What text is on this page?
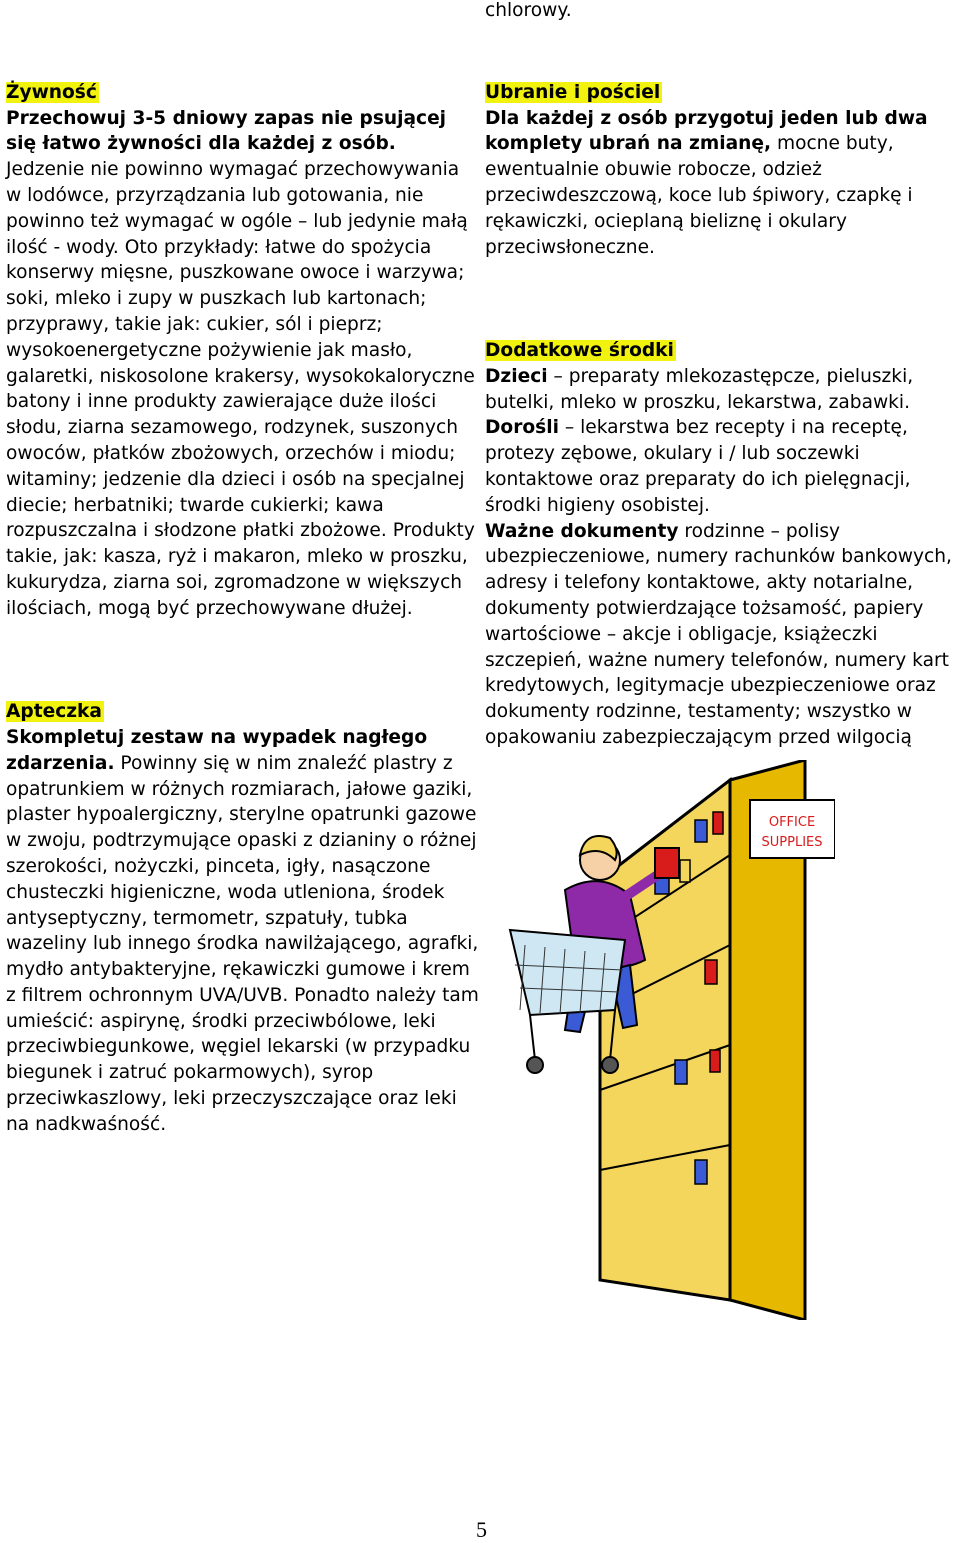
chlorowy.

Żywność
Przechowuj 3-5 dniowy zapas nie psującej się łatwo żywności dla każdej z osób. Jedzenie nie powinno wymagać przechowywania w lodówce, przyrządzania lub gotowania, nie powinno też wymagać w ogóle – lub jedynie małą ilość - wody. Oto przykłady: łatwe do spożycia konserwy mięsne, puszkowane owoce i warzywa; soki, mleko i zupy w puszkach lub kartonach; przyprawy, takie jak: cukier, sól i pieprz; wysokoenergetyczne pożywienie jak masło, galaretki, niskosolone krakersy, wysokokaloryczne batony i inne produkty zawierające duże ilości słodu, ziarna sezamowego, rodzynek, suszonych owoców, płatków zbożowych, orzechów i miodu; witaminy; jedzenie dla dzieci i osób na specjalnej diecie; herbatniki; twarde cukierki; kawa rozpuszczalna i słodzone płatki zbożowe. Produkty takie, jak: kasza, ryż i makaron, mleko w proszku, kukurydza, ziarna soi, zgromadzone w większych ilościach, mogą być przechowywane dłużej.

Apteczka
Skompletuj zestaw na wypadek nagłego zdarzenia. Powinny się w nim znaleźć plastry z opatrunkiem w różnych rozmiarach, jałowe gaziki, plaster hypoalergiczny, sterylne opatrunki gazowe w zwoju, podtrzymujące opaski z dzianiny o różnej szerokości, nożyczki, pinceta, igły, nasączone chusteczki higieniczne, woda utleniona, środek antyseptyczny, termometr, szpatuły, tubka wazeliny lub innego środka nawilżającego, agrafki, mydło antybakteryjne, rękawiczki gumowe i krem z filtrem ochronnym UVA/UVB. Ponadto należy tam umieścić: aspirynę, środki przeciwbólowe, leki przeciwbiegunkowe, węgiel lekarski (w przypadku biegunek i zatruć pokarmowych), syrop przeciwkaszlowy, leki przeczyszczające oraz leki na nadkwaśność.

Ubranie i pościel
Dla każdej z osób przygotuj jeden lub dwa komplety ubrań na zmianę, mocne buty, ewentualnie obuwie robocze, odzież przeciwdeszczową, koce lub śpiwory, czapkę i rękawiczki, ocieplaną bieliznę i okulary przeciwsłoneczne.

Dodatkowe środki
Dzieci – preparaty mlekozastępcze, pieluszki, butelki, mleko w proszku, lekarstwa, zabawki.
Dorośli – lekarstwa bez recepty i na receptę, protezy zębowe, okulary i / lub soczewki kontaktowe oraz preparaty do ich pielęgnacji, środki higieny osobistej.
Ważne dokumenty rodzinne – polisy ubezpieczeniowe, numery rachunków bankowych, adresy i telefony kontaktowe, akty notarialne, dokumenty potwierdzające tożsamość, papiery wartościowe – akcje i obligacje, książeczki szczepień, ważne numery telefonów, numery kart kredytowych, legitymacje ubezpieczeniowe oraz dokumenty rodzinne, testamenty; wszystko w opakowaniu zabezpieczającym przed wilgocią

OFFICE
SUPPLIES
5
